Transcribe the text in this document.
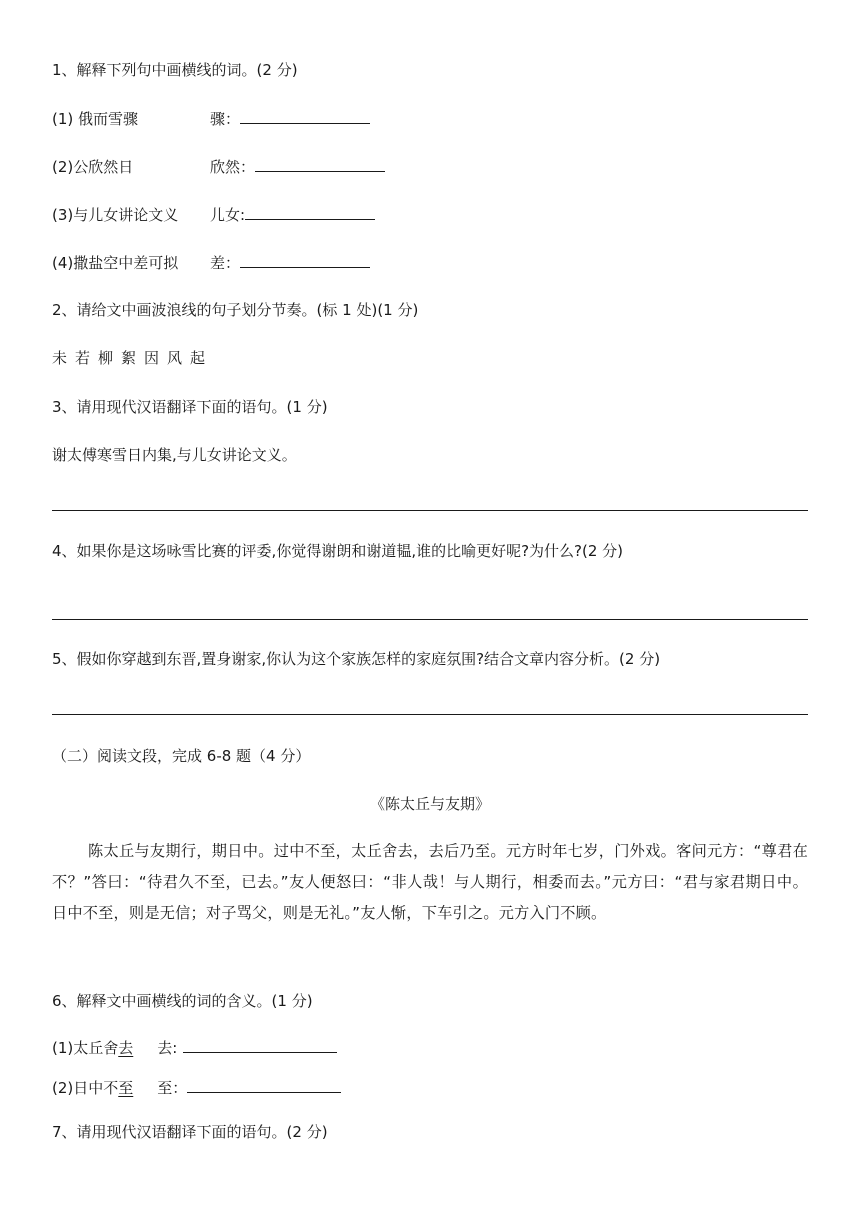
1、解释下列句中画横线的词。(2 分)
(1) 俄而雪骤	骤：
(2)公欣然日	欣然：
(3)与儿女讲论文义 儿女:
(4)撒盐空中差可拟 差：
2、请给文中画波浪线的句子划分节奏。(标 1 处)(1 分)
未若柳絮因风起
3、请用现代汉语翻译下面的语句。(1 分)
谢太傅寒雪日内集,与儿女讲论文义。
4、如果你是这场咏雪比赛的评委,你觉得谢朗和谢道韫,谁的比喻更好呢?为什么?(2 分)
5、假如你穿越到东晋,置身谢家,你认为这个家族怎样的家庭氛围?结合文章内容分析。(2 分)
（二）阅读文段，完成 6-8 题（4 分）
《陈太丘与友期》
陈太丘与友期行，期日中。过中不至，太丘舍去，去后乃至。元方时年七岁，门外戏。客问元方：“尊君在不？”答曰：“待君久不至，已去。”友人便怒曰：“非人哉！与人期行，相委而去。”元方曰：“君与家君期日中。日中不至，则是无信；对子骂父，则是无礼。”友人惭，下车引之。元方入门不顾。
6、解释文中画横线的词的含义。(1 分)
(1)太丘舍去 去:
(2)日中不至 至：
7、请用现代汉语翻译下面的语句。(2 分)
